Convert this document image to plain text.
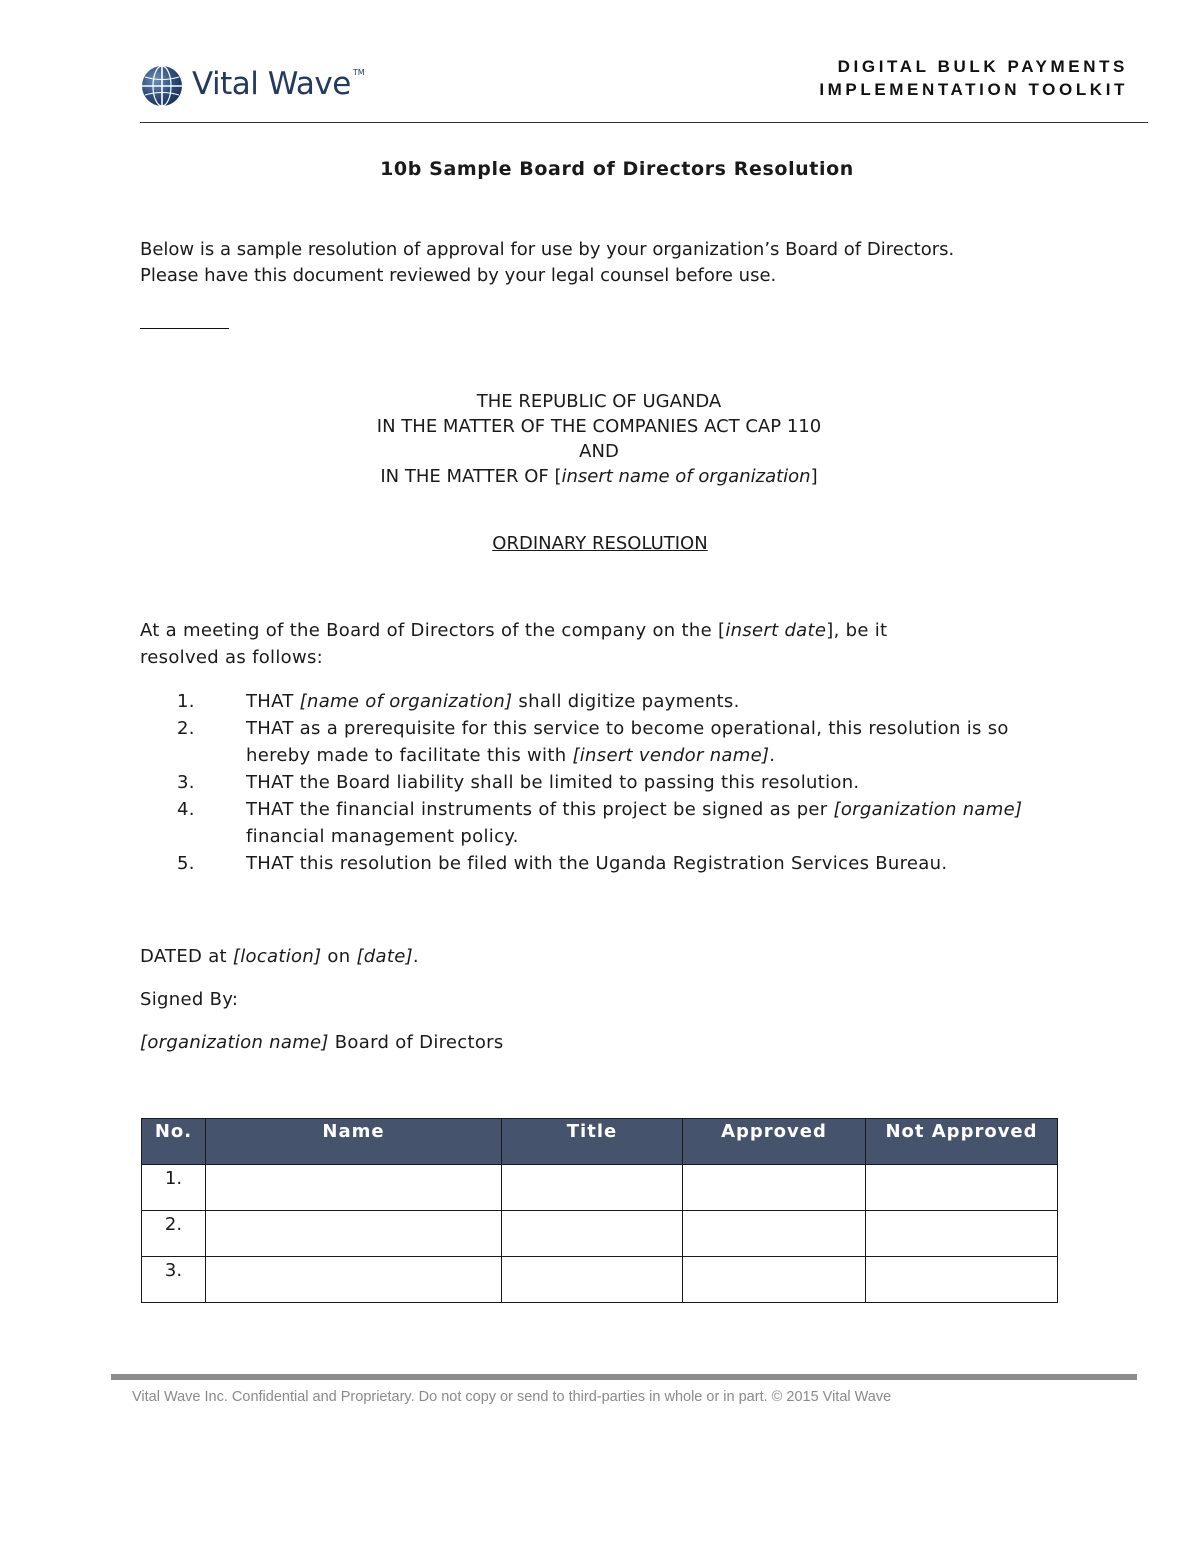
Vital Wave TM	DIGITAL BULK PAYMENTS
IMPLEMENTATION TOOLKIT
10b Sample Board of Directors Resolution
Below is a sample resolution of approval for use by your organization’s Board of Directors.
Please have this document reviewed by your legal counsel before use.
THE REPUBLIC OF UGANDA
IN THE MATTER OF THE COMPANIES ACT CAP 110
AND
IN THE MATTER OF [insert name of organization]
ORDINARY RESOLUTION
At a meeting of the Board of Directors of the company on the [insert date], be it
resolved as follows:
1.	THAT [name of organization] shall digitize payments.
2.	THAT as a prerequisite for this service to become operational, this resolution is so hereby made to facilitate this with [insert vendor name].
3.	THAT the Board liability shall be limited to passing this resolution.
4.	THAT the financial instruments of this project be signed as per [organization name] financial management policy.
5.	THAT this resolution be filed with the Uganda Registration Services Bureau.
DATED at [location] on [date].
Signed By:
[organization name] Board of Directors
No.	Name	Title	Approved	Not Approved
1.				
2.				
3.				
Vital Wave Inc. Confidential and Proprietary. Do not copy or send to third-parties in whole or in part. © 2015 Vital Wave
